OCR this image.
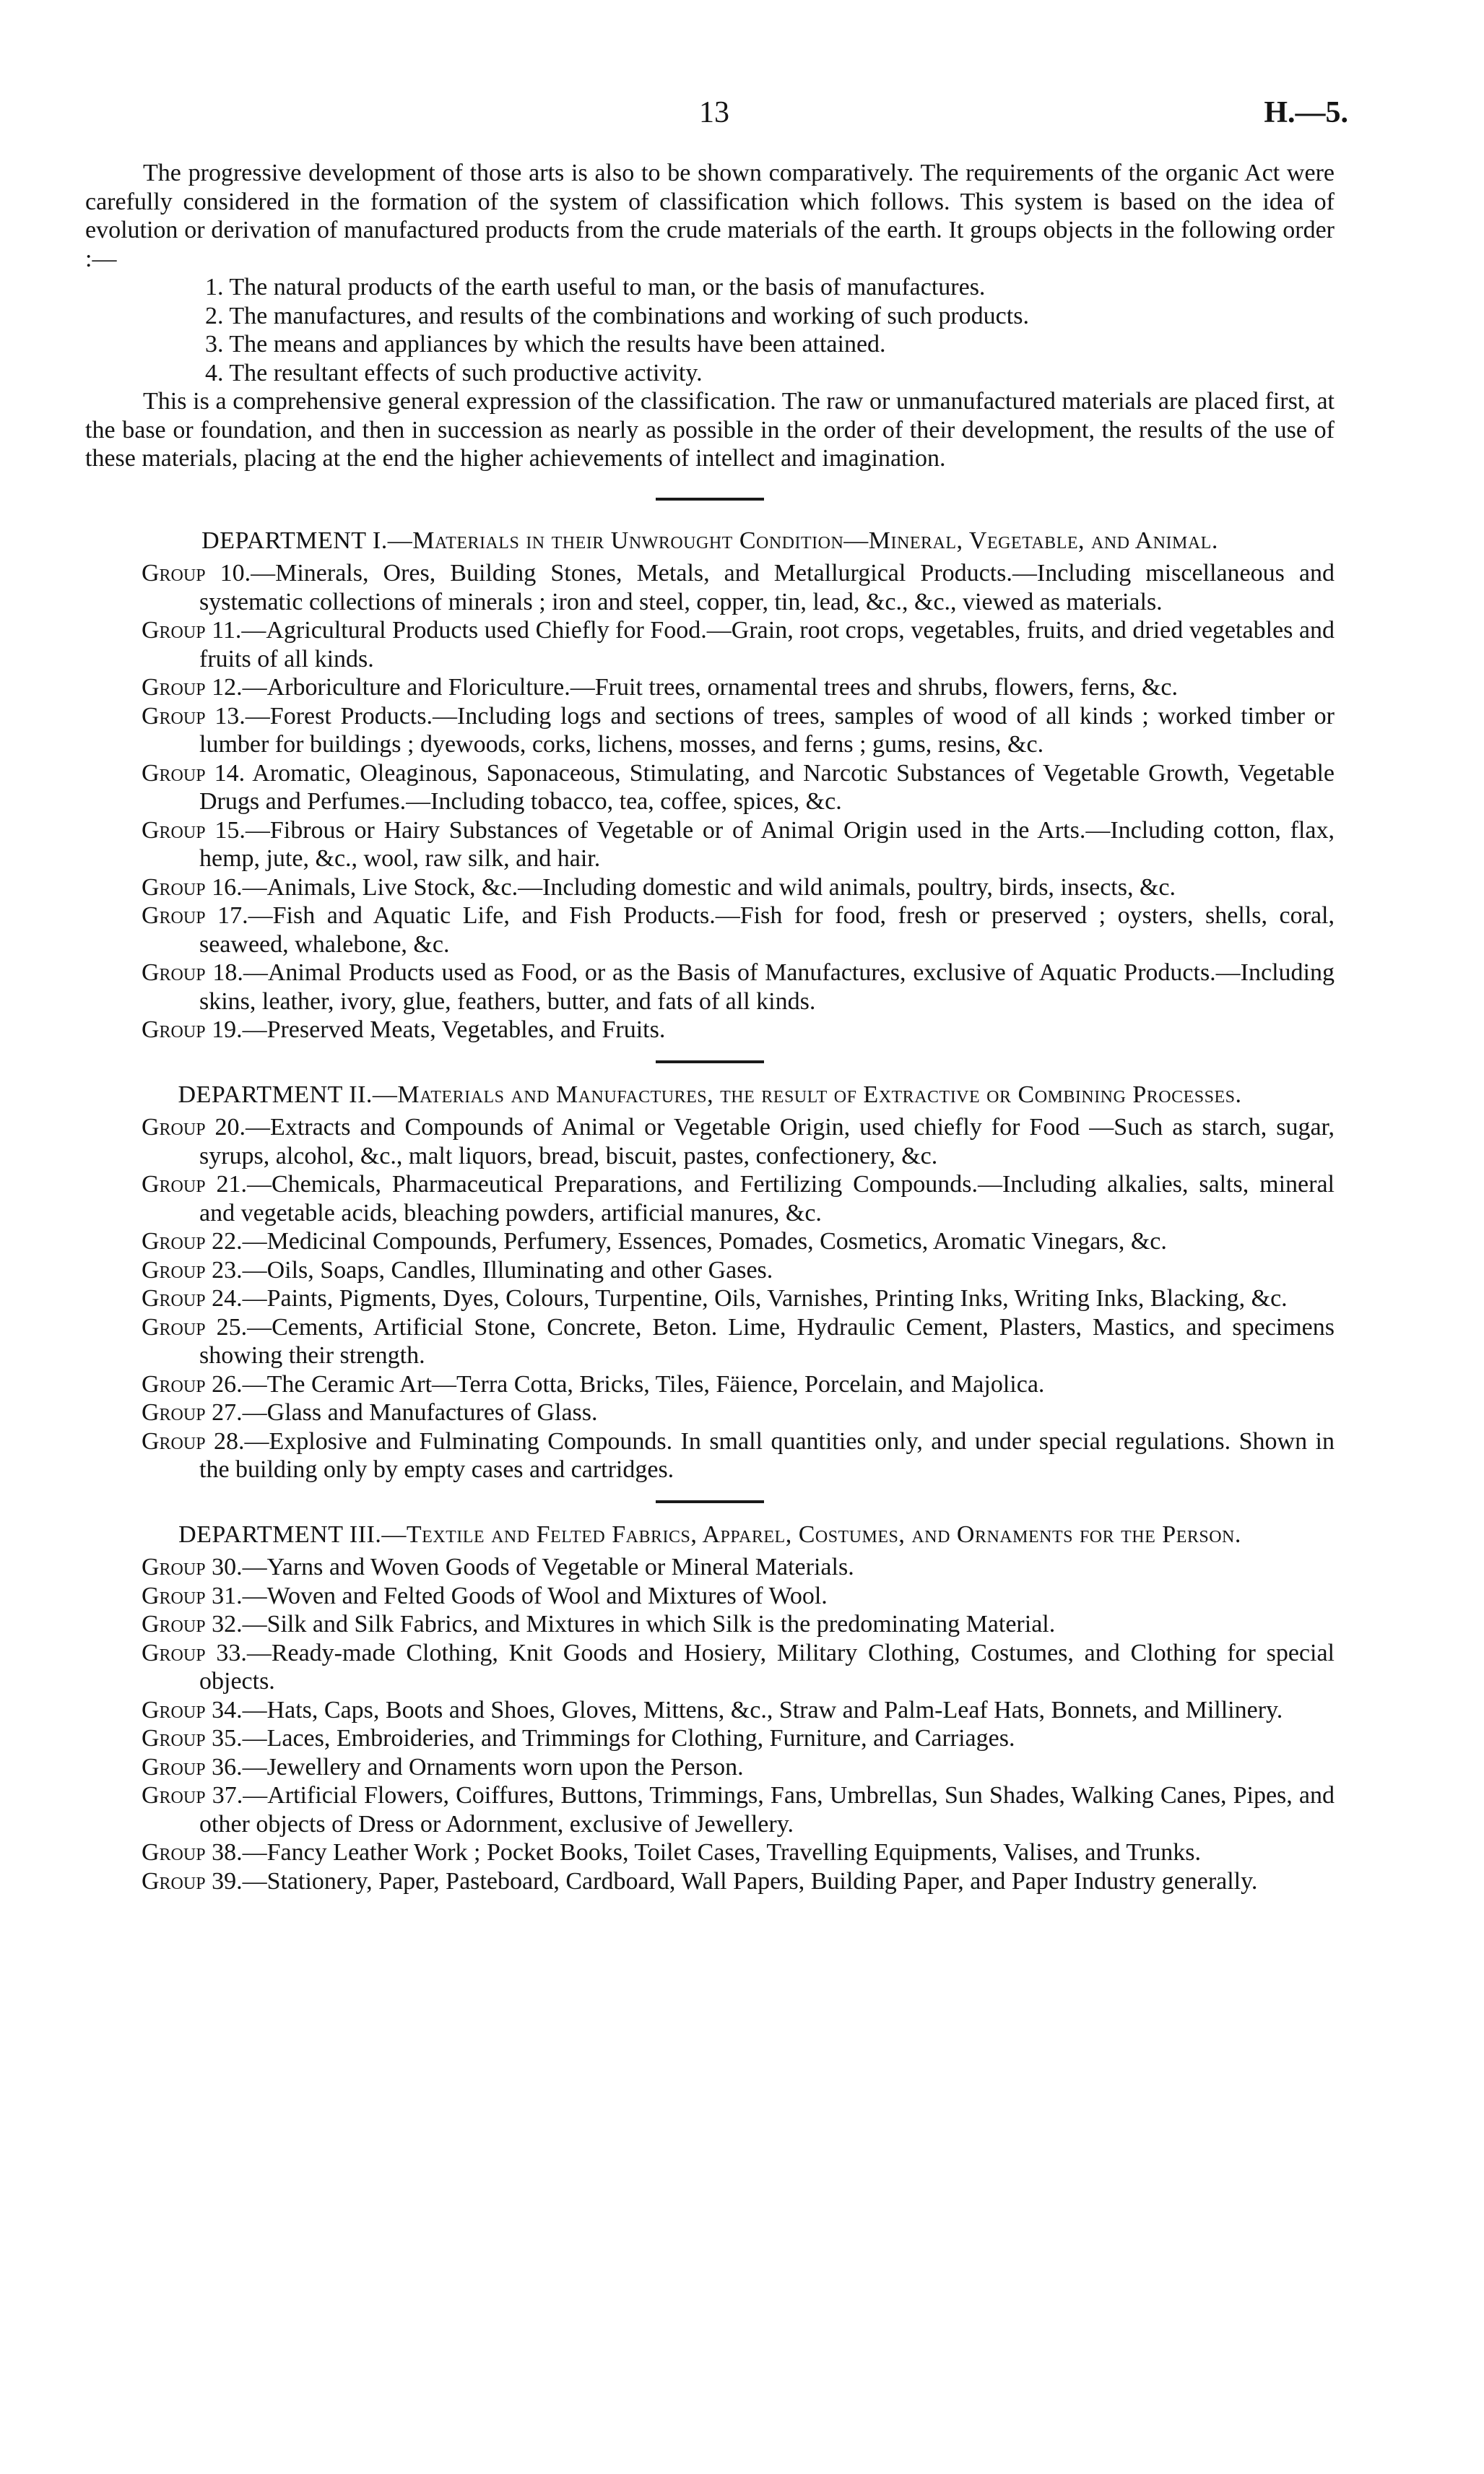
13	H.—5.

The progressive development of those arts is also to be shown comparatively. The requirements of the organic Act were carefully considered in the formation of the system of classification which follows. This system is based on the idea of evolution or derivation of manufactured products from the crude materials of the earth. It groups objects in the following order :—

1. The natural products of the earth useful to man, or the basis of manufactures.
2. The manufactures, and results of the combinations and working of such products.
3. The means and appliances by which the results have been attained.
4. The resultant effects of such productive activity.

This is a comprehensive general expression of the classification. The raw or unmanufactured materials are placed first, at the base or foundation, and then in succession as nearly as possible in the order of their development, the results of the use of these materials, placing at the end the higher achievements of intellect and imagination.

DEPARTMENT I.—Materials in their Unwrought Condition—Mineral, Vegetable, and Animal.

Group 10.—Minerals, Ores, Building Stones, Metals, and Metallurgical Products.—Including miscellaneous and systematic collections of minerals ; iron and steel, copper, tin, lead, &c., &c., viewed as materials.
Group 11.—Agricultural Products used Chiefly for Food.—Grain, root crops, vegetables, fruits, and dried vegetables and fruits of all kinds.
Group 12.—Arboriculture and Floriculture.—Fruit trees, ornamental trees and shrubs, flowers, ferns, &c.
Group 13.—Forest Products.—Including logs and sections of trees, samples of wood of all kinds ; worked timber or lumber for buildings ; dyewoods, corks, lichens, mosses, and ferns ; gums, resins, &c.
Group 14. Aromatic, Oleaginous, Saponaceous, Stimulating, and Narcotic Substances of Vegetable Growth, Vegetable Drugs and Perfumes.—Including tobacco, tea, coffee, spices, &c.
Group 15.—Fibrous or Hairy Substances of Vegetable or of Animal Origin used in the Arts.—Including cotton, flax, hemp, jute, &c., wool, raw silk, and hair.
Group 16.—Animals, Live Stock, &c.—Including domestic and wild animals, poultry, birds, insects, &c.
Group 17.—Fish and Aquatic Life, and Fish Products.—Fish for food, fresh or preserved ; oysters, shells, coral, seaweed, whalebone, &c.
Group 18.—Animal Products used as Food, or as the Basis of Manufactures, exclusive of Aquatic Products.—Including skins, leather, ivory, glue, feathers, butter, and fats of all kinds.
Group 19.—Preserved Meats, Vegetables, and Fruits.

DEPARTMENT II.—Materials and Manufactures, the result of Extractive or Combining Processes.

Group 20.—Extracts and Compounds of Animal or Vegetable Origin, used chiefly for Food —Such as starch, sugar, syrups, alcohol, &c., malt liquors, bread, biscuit, pastes, confectionery, &c.
Group 21.—Chemicals, Pharmaceutical Preparations, and Fertilizing Compounds.—Including alkalies, salts, mineral and vegetable acids, bleaching powders, artificial manures, &c.
Group 22.—Medicinal Compounds, Perfumery, Essences, Pomades, Cosmetics, Aromatic Vinegars, &c.
Group 23.—Oils, Soaps, Candles, Illuminating and other Gases.
Group 24.—Paints, Pigments, Dyes, Colours, Turpentine, Oils, Varnishes, Printing Inks, Writing Inks, Blacking, &c.
Group 25.—Cements, Artificial Stone, Concrete, Beton. Lime, Hydraulic Cement, Plasters, Mastics, and specimens showing their strength.
Group 26.—The Ceramic Art—Terra Cotta, Bricks, Tiles, Fäience, Porcelain, and Majolica.
Group 27.—Glass and Manufactures of Glass.
Group 28.—Explosive and Fulminating Compounds. In small quantities only, and under special regulations. Shown in the building only by empty cases and cartridges.

DEPARTMENT III.—Textile and Felted Fabrics, Apparel, Costumes, and Ornaments for the Person.

Group 30.—Yarns and Woven Goods of Vegetable or Mineral Materials.
Group 31.—Woven and Felted Goods of Wool and Mixtures of Wool.
Group 32.—Silk and Silk Fabrics, and Mixtures in which Silk is the predominating Material.
Group 33.—Ready-made Clothing, Knit Goods and Hosiery, Military Clothing, Costumes, and Clothing for special objects.
Group 34.—Hats, Caps, Boots and Shoes, Gloves, Mittens, &c., Straw and Palm-Leaf Hats, Bonnets, and Millinery.
Group 35.—Laces, Embroideries, and Trimmings for Clothing, Furniture, and Carriages.
Group 36.—Jewellery and Ornaments worn upon the Person.
Group 37.—Artificial Flowers, Coiffures, Buttons, Trimmings, Fans, Umbrellas, Sun Shades, Walking Canes, Pipes, and other objects of Dress or Adornment, exclusive of Jewellery.
Group 38.—Fancy Leather Work ; Pocket Books, Toilet Cases, Travelling Equipments, Valises, and Trunks.
Group 39.—Stationery, Paper, Pasteboard, Cardboard, Wall Papers, Building Paper, and Paper Industry generally.
